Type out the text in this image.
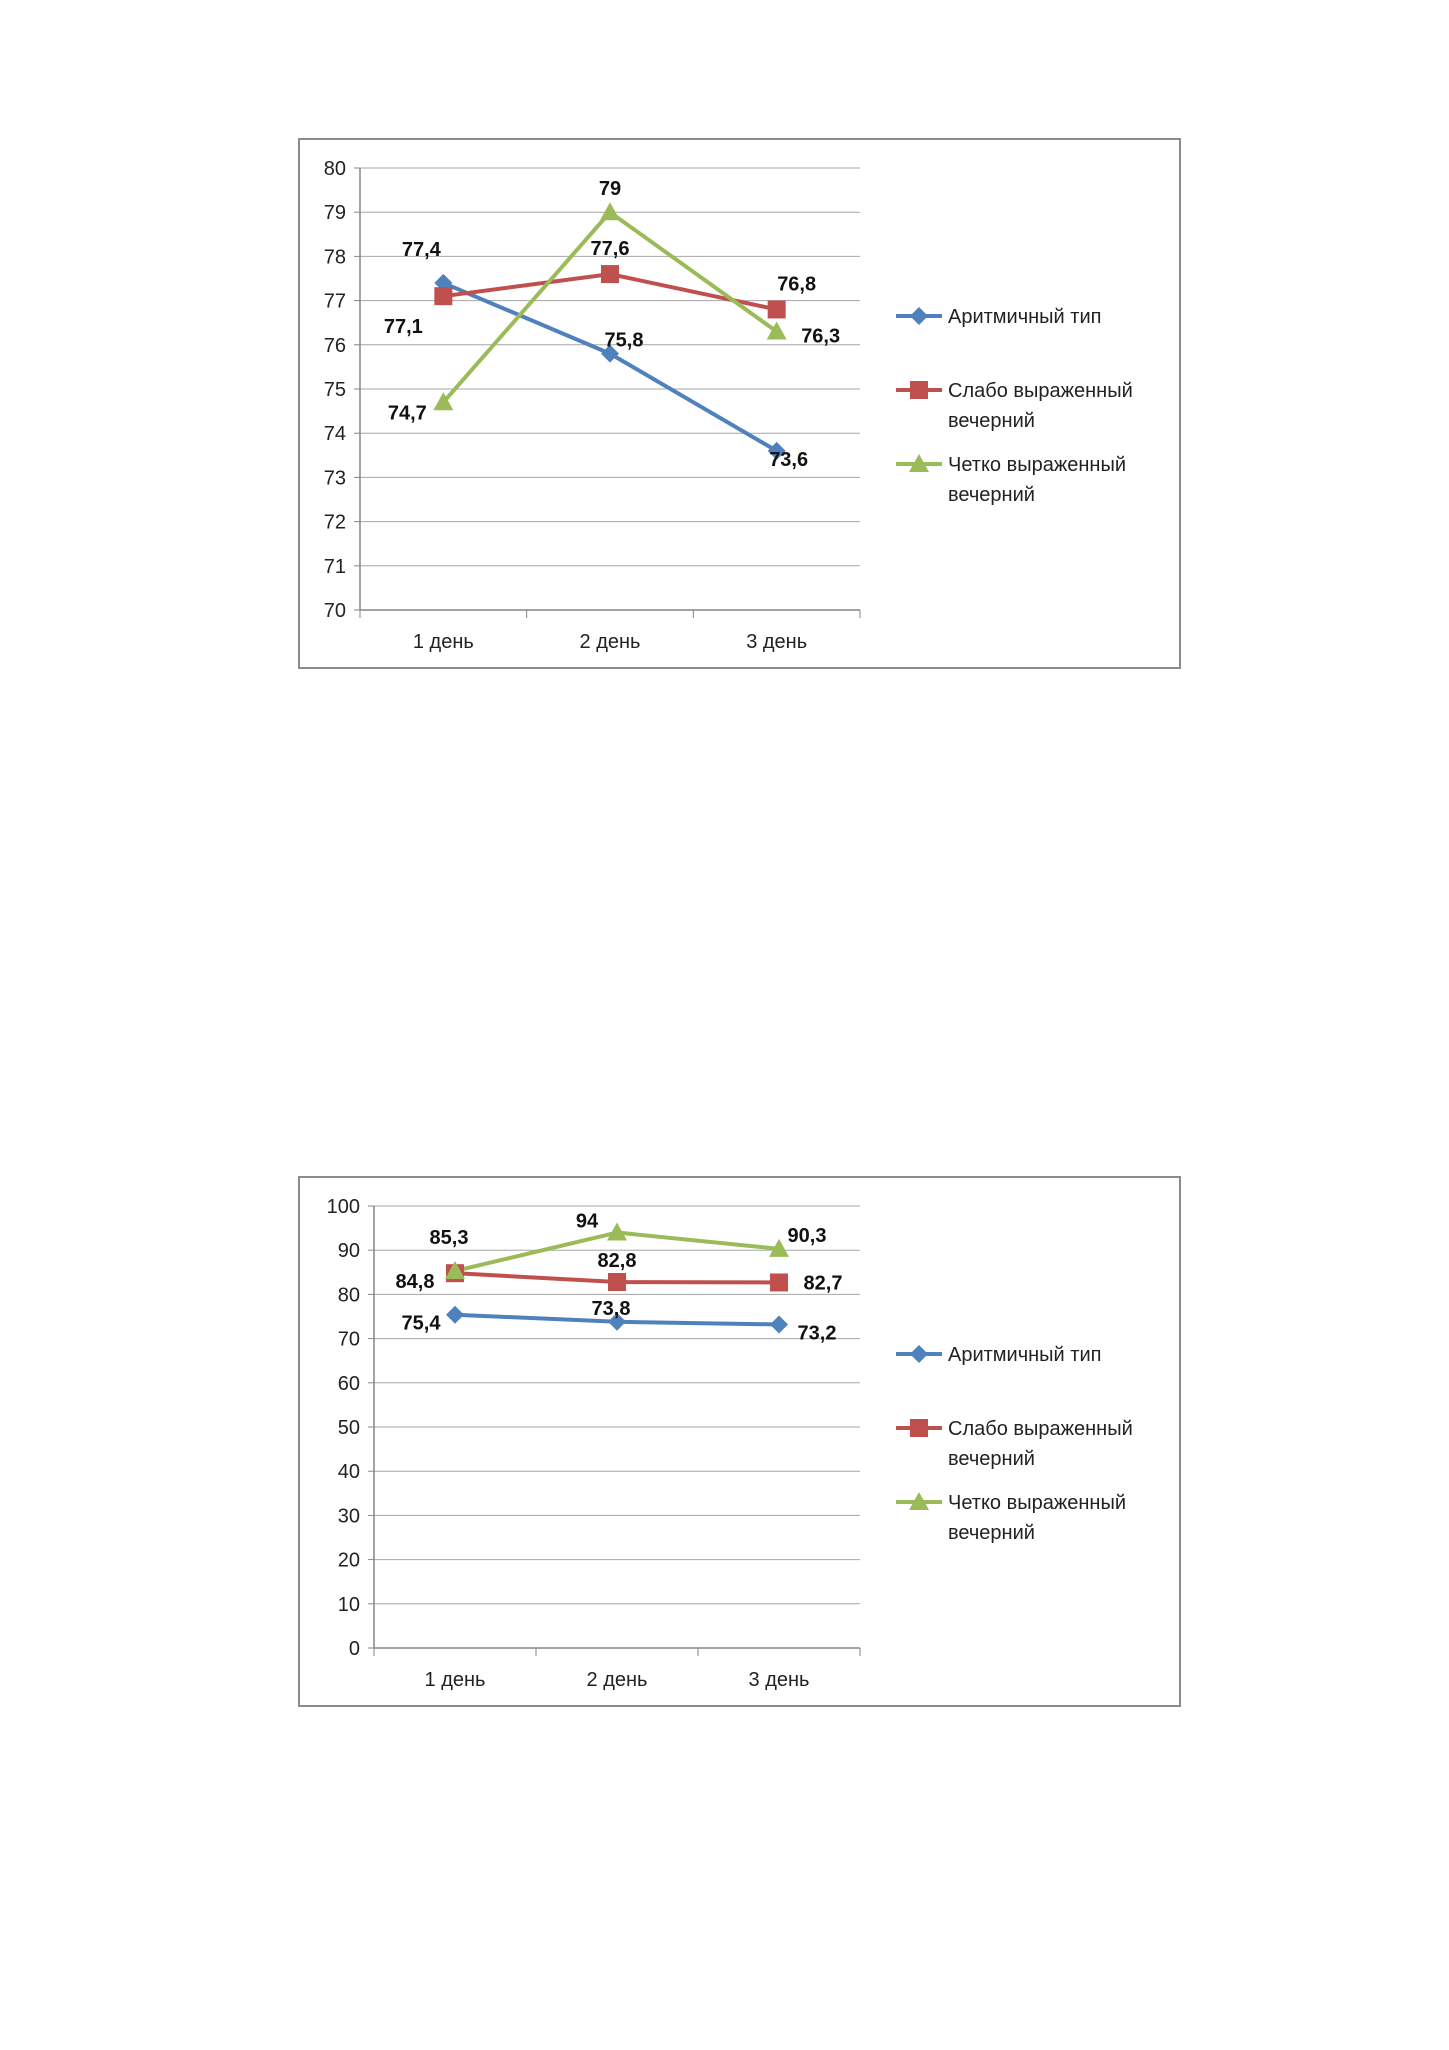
70
71
72
73
74
75
76
77
78
79
80
1 день	2 день	3 день
77,4
75,8
73,6
77,1
77,6
76,8
74,7
79
76,3
Аритмичный тип
Слабо выраженный
вечерний
Четко выраженный
вечерний
0
10
20
30
40
50
60
70
80
90
100
1 день	2 день	3 день
75,4
73,8
73,2
84,8
82,8
82,7
85,3
94
90,3
Аритмичный тип
Слабо выраженный
вечерний
Четко выраженный
вечерний
